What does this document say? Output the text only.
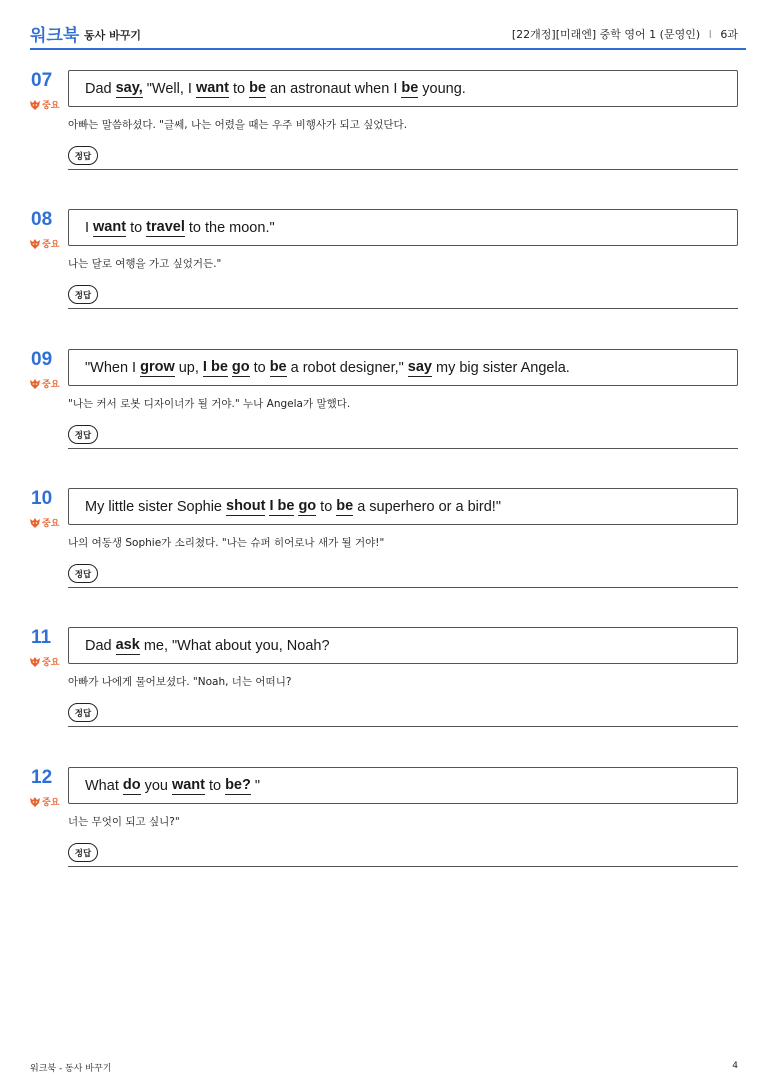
워크북 동사 바꾸기	[22개정][미래엔] 중학 영어 1 (문영인) I 6과
07
중요
Dad say, "Well, I want to be an astronaut when I be young.
아빠는 말씀하셨다. "글쎄, 나는 어렸을 때는 우주 비행사가 되고 싶었단다.
정답
08
중요
I want to travel to the moon."
나는 달로 여행을 가고 싶었거든."
정답
09
중요
"When I grow up, I be go to be a robot designer," say my big sister Angela.
"나는 커서 로봇 디자이너가 될 거야." 누나 Angela가 말했다.
정답
10
중요
My little sister Sophie shout I be go to be a superhero or a bird!"
나의 여동생 Sophie가 소리쳤다. "나는 슈퍼 히어로나 새가 될 거야!"
정답
11
중요
Dad ask me, "What about you, Noah?
아빠가 나에게 물어보셨다. "Noah, 너는 어떠니?
정답
12
중요
What do you want to be? "
너는 무엇이 되고 싶니?"
정답
워크북 - 동사 바꾸기	4
